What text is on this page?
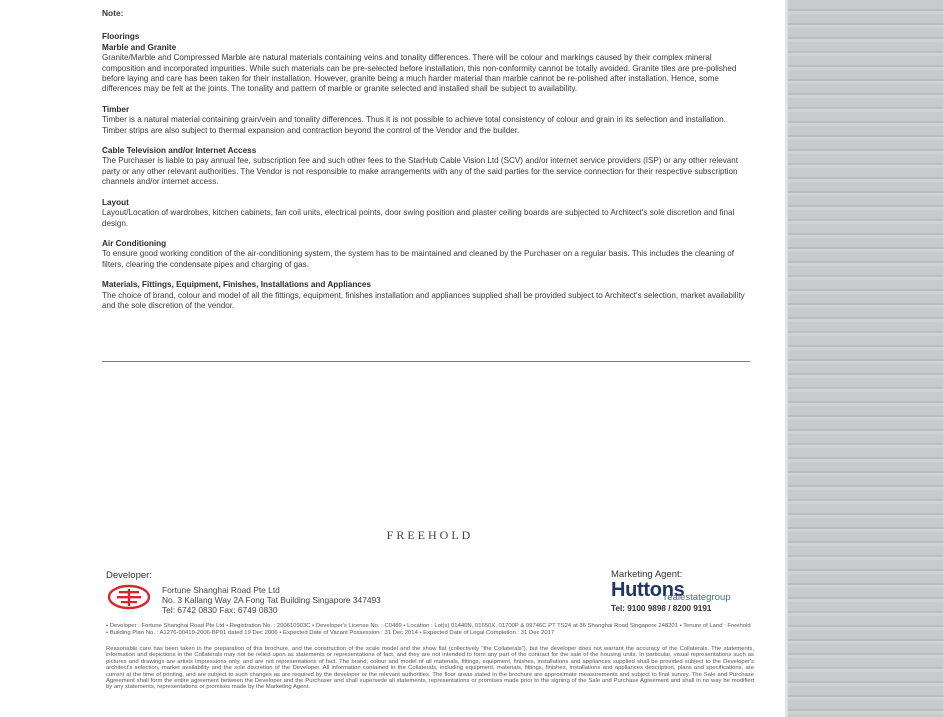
Note:
Floorings
Marble and Granite

Granite/Marble and Compressed Marble are natural materials containing veins and tonality differences. There will be colour and markings caused by their complex mineral composition and incorporated impurities. While such materials can be pre-selected before installation, this non-conformity cannot be totally avoided. Granite tiles are pre-polished before laying and care has been taken for their installation. However, granite being a much harder material than marble cannot be re-polished after installation. Hence, some differences may be felt at the joints. The tonality and pattern of marble or granite selected and installed shall be subject to availability.

Timber

Timber is a natural material containing grain/vein and tonality differences. Thus it is not possible to achieve total consistency of colour and grain in its selection and installation. Timber strips are also subject to thermal expansion and contraction beyond the control of the Vendor and the builder.

Cable Television and/or Internet Access

The Purchaser is liable to pay annual fee, subscription fee and such other fees to the StarHub Cable Vision Ltd (SCV) and/or internet service providers (ISP) or any other relevant party or any other relevant authorities. The Vendor is not responsible to make arrangements with any of the said parties for the service connection for their respective subscription channels and/or internet access.

Layout

Layout/Location of wardrobes, kitchen cabinets, fan coil units, electrical points, door swing position and plaster ceiling boards are subjected to Architect's sole discretion and final design.

Air Conditioning

To ensure good working condition of the air-conditioning system, the system has to be maintained and cleaned by the Purchaser on a regular basis. This includes the cleaning of filters, clearing the condensate pipes and charging of gas.

Materials, Fittings, Equipment, Finishes, Installations and Appliances

The choice of brand, colour and model of all the fittings, equipment, finishes installation and appliances supplied shall be provided subject to Architect's selection, market availability and the sole discretion of the vendor.

FREEHOLD
Developer:
Fortune Shanghai Road Pte Ltd
No. 3 Kallang Way 2A Fong Tat Building Singapore 347493
Tel: 6742 0830 Fax: 6749 0830
Marketing Agent:
Huttons
realestategroup
Tel: 9100 9898 / 8200 9191
• Developer : Fortune Shanghai Road Pte Ltd • Registration No. : 200610903C • Developer's License No. : C0489 • Location : Lot(s) 01440N, 01650X, 01700P & 99746C PT TS24 at 36 Shanghai Road Singapore 248201 • Tenure of Land : Freehold • Building Plan No. : A1276-00419-2006-BP01 dated 19 Dec 2006 • Expected Date of Vacant Possession : 31 Dec 2014 • Expected Date of Legal Completion : 31 Dec 2017
Reasonable care has been taken in the preparation of this brochure, and the construction of the scale model and the show flat (collectively "the Collaterals"), but the developer does not warrant the accuracy of the Collaterals. The statements, information and depictions in the Collaterals may not be relied upon as statements or representations of fact, and they are not intended to form any part of the contract for the sale of the housing units. In particular, visual representations such as pictures and drawings are artists impressions only, and are not representations of fact. The brand, colour and model of all materials, fittings, equipment, finishes, installations and appliances supplied shall be provided subject to the Developer's architect's selection, market availability and the sole discretion of the Developer. All information contained in the Collaterals, including equipment, materials, fittings, finishes, installations and appliances description, plans and specifications, are current at the time of printing, and are subject to such changes as are required by the developer or the relevant authorities. The floor areas stated in the brochure are approximate measurements and subject to final survey. The Sale and Purchase Agreement shall form the entire agreement between the Developer and the Purchaser and shall supersede all statements, representations or promises made prior to the signing of the Sale and Purchase Agreement and shall in no way be modified by any statements, representations or promises made by the Marketing Agent.
